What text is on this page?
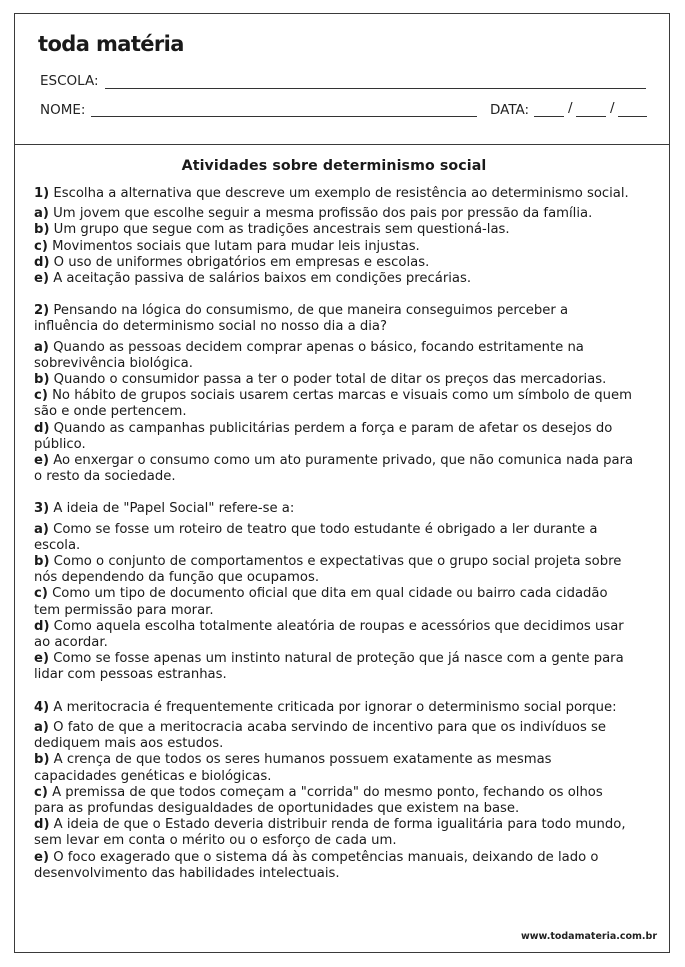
toda matéria
ESCOLA:
NOME:	DATA:	/	/
Atividades sobre determinismo social

1) Escolha a alternativa que descreve um exemplo de resistência ao determinismo social.

a) Um jovem que escolhe seguir a mesma profissão dos pais por pressão da família.

b) Um grupo que segue com as tradições ancestrais sem questioná-las.

c) Movimentos sociais que lutam para mudar leis injustas.

d) O uso de uniformes obrigatórios em empresas e escolas.

e) A aceitação passiva de salários baixos em condições precárias.

2) Pensando na lógica do consumismo, de que maneira conseguimos perceber a influência do determinismo social no nosso dia a dia?

a) Quando as pessoas decidem comprar apenas o básico, focando estritamente na sobrevivência biológica.

b) Quando o consumidor passa a ter o poder total de ditar os preços das mercadorias.

c) No hábito de grupos sociais usarem certas marcas e visuais como um símbolo de quem são e onde pertencem.

d) Quando as campanhas publicitárias perdem a força e param de afetar os desejos do público.

e) Ao enxergar o consumo como um ato puramente privado, que não comunica nada para o resto da sociedade.

3) A ideia de "Papel Social" refere-se a:

a) Como se fosse um roteiro de teatro que todo estudante é obrigado a ler durante a escola.

b) Como o conjunto de comportamentos e expectativas que o grupo social projeta sobre nós dependendo da função que ocupamos.

c) Como um tipo de documento oficial que dita em qual cidade ou bairro cada cidadão tem permissão para morar.

d) Como aquela escolha totalmente aleatória de roupas e acessórios que decidimos usar ao acordar.

e) Como se fosse apenas um instinto natural de proteção que já nasce com a gente para lidar com pessoas estranhas.

4) A meritocracia é frequentemente criticada por ignorar o determinismo social porque:

a) O fato de que a meritocracia acaba servindo de incentivo para que os indivíduos se dediquem mais aos estudos.

b) A crença de que todos os seres humanos possuem exatamente as mesmas capacidades genéticas e biológicas.

c) A premissa de que todos começam a "corrida" do mesmo ponto, fechando os olhos para as profundas desigualdades de oportunidades que existem na base.

d) A ideia de que o Estado deveria distribuir renda de forma igualitária para todo mundo, sem levar em conta o mérito ou o esforço de cada um.

e) O foco exagerado que o sistema dá às competências manuais, deixando de lado o desenvolvimento das habilidades intelectuais.

www.todamateria.com.br
